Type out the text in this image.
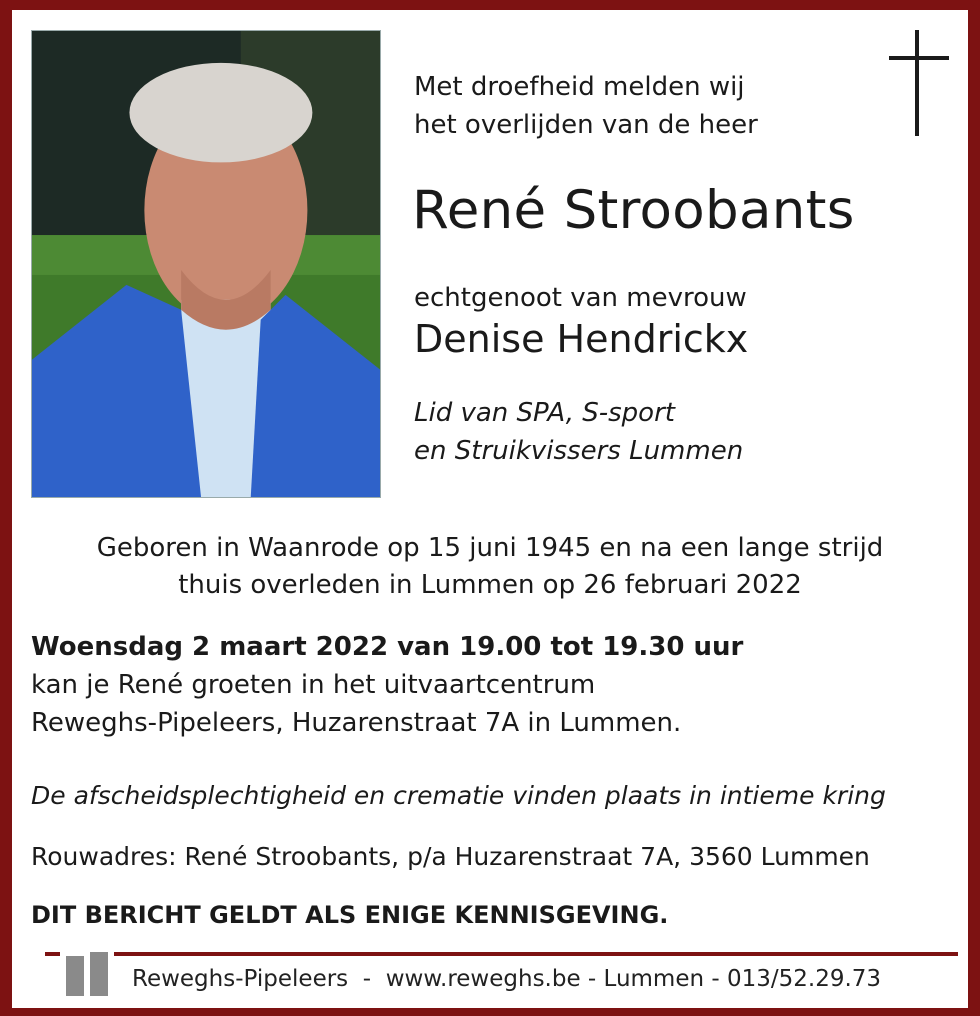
Met droefheid melden wij
het overlijden van de heer
René Stroobants
echtgenoot van mevrouw
Denise Hendrickx
Lid van SPA, S-sport
en Struikvissers Lummen
Geboren in Waanrode op 15 juni 1945 en na een lange strijd
thuis overleden in Lummen op 26 februari 2022
Woensdag 2 maart 2022 van 19.00 tot 19.30 uur
kan je René groeten in het uitvaartcentrum
Reweghs-Pipeleers, Huzarenstraat 7A in Lummen.
De afscheidsplechtigheid en crematie vinden plaats in intieme kring
Rouwadres: René Stroobants, p/a Huzarenstraat 7A, 3560 Lummen
DIT BERICHT GELDT ALS ENIGE KENNISGEVING.
Reweghs-Pipeleers  -  www.reweghs.be - Lummen - 013/52.29.73
